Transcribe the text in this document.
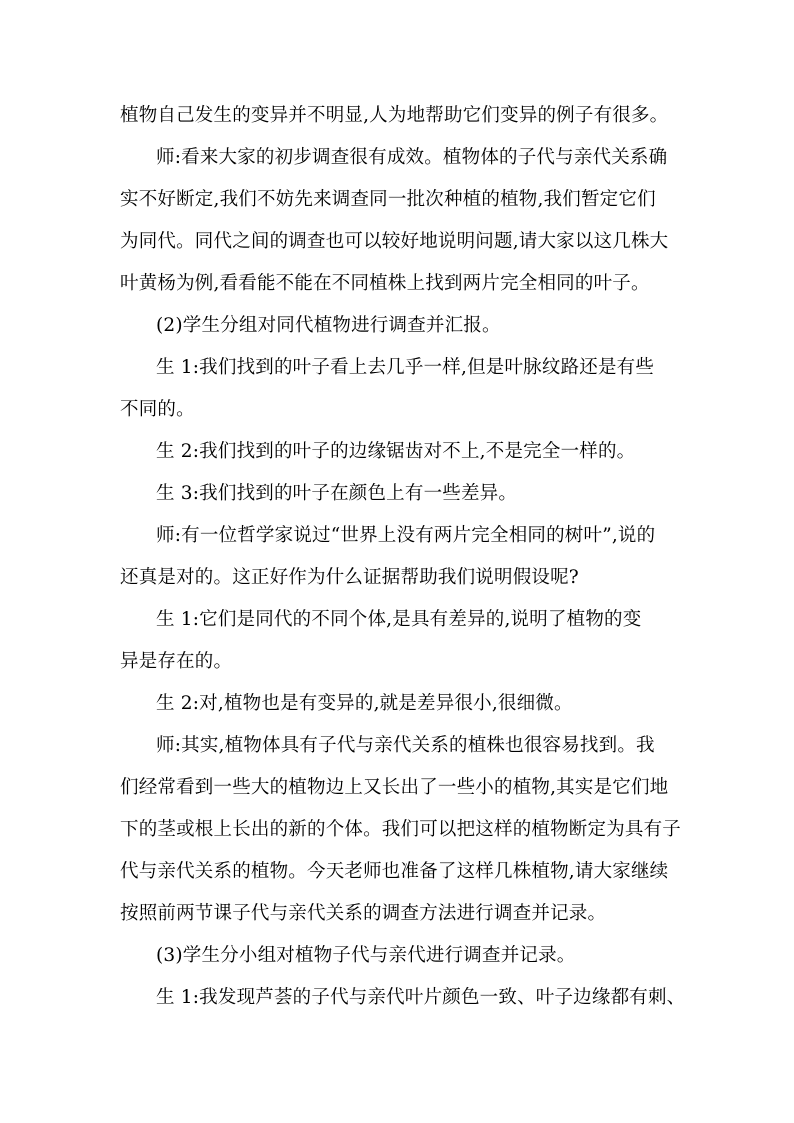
植物自己发生的变异并不明显,人为地帮助它们变异的例子有很多。
师:看来大家的初步调查很有成效。植物体的子代与亲代关系确
实不好断定,我们不妨先来调查同一批次种植的植物,我们暂定它们
为同代。同代之间的调查也可以较好地说明问题,请大家以这几株大
叶黄杨为例,看看能不能在不同植株上找到两片完全相同的叶子。
(2)学生分组对同代植物进行调查并汇报。
生 1:我们找到的叶子看上去几乎一样,但是叶脉纹路还是有些
不同的。
生 2:我们找到的叶子的边缘锯齿对不上,不是完全一样的。
生 3:我们找到的叶子在颜色上有一些差异。
师:有一位哲学家说过“世界上没有两片完全相同的树叶”,说的
还真是对的。这正好作为什么证据帮助我们说明假设呢?
生 1:它们是同代的不同个体,是具有差异的,说明了植物的变
异是存在的。
生 2:对,植物也是有变异的,就是差异很小,很细微。
师:其实,植物体具有子代与亲代关系的植株也很容易找到。我
们经常看到一些大的植物边上又长出了一些小的植物,其实是它们地
下的茎或根上长出的新的个体。我们可以把这样的植物断定为具有子
代与亲代关系的植物。今天老师也准备了这样几株植物,请大家继续
按照前两节课子代与亲代关系的调查方法进行调查并记录。
(3)学生分小组对植物子代与亲代进行调查并记录。
生 1:我发现芦荟的子代与亲代叶片颜色一致、叶子边缘都有刺、
